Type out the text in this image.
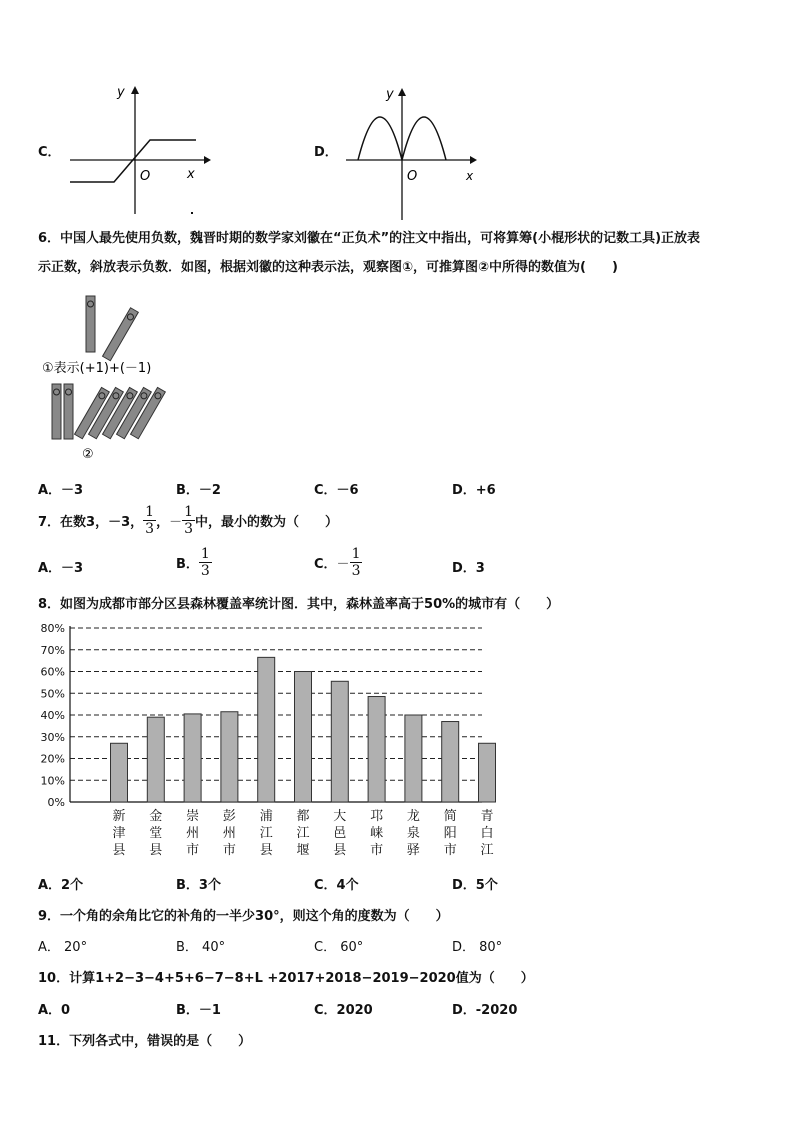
C．
y
x
O
D．
y
x
O
6．中国人最先使用负数，魏晋时期的数学家刘徽在“正负术”的注文中指出，可将算筹(小棍形状的记数工具)正放表
示正数，斜放表示负数．如图，根据刘徽的这种表示法，观察图①，可推算图②中所得的数值为(　　)
①表示(+1)+(－1)
②
A．－3	B．－2	C．－6	D．+6
7．在数3，－3， $\frac{1}{3}$ ，－ $\frac{1}{3}$ 中，最小的数为（　　）
A．－3	B． $\frac{1}{3}$	C．－ $\frac{1}{3}$	D．3
8．如图为成都市部分区县森林覆盖率统计图．其中，森林盖率高于50%的城市有（　　）
0%
10%
20%
30%
40%
50%
60%
70%
80%
新
津
县
金
堂
县
崇
州
市
彭
州
市
浦
江
县
都
江
堰
大
邑
县
邛
崃
市
龙
泉
驿
简
阳
市
青
白
江
A．2个	B．3个	C．4个	D．5个
9．一个角的余角比它的补角的一半少30°，则这个角的度数为（　　）
A． 20°	B． 40°	C． 60°	D． 80°
10．计算1+2−3−4+5+6−7−8+L +2017+2018−2019−2020值为（　　）
A．0	B．－1	C．2020	D．-2020
11．下列各式中，错误的是（　　）
